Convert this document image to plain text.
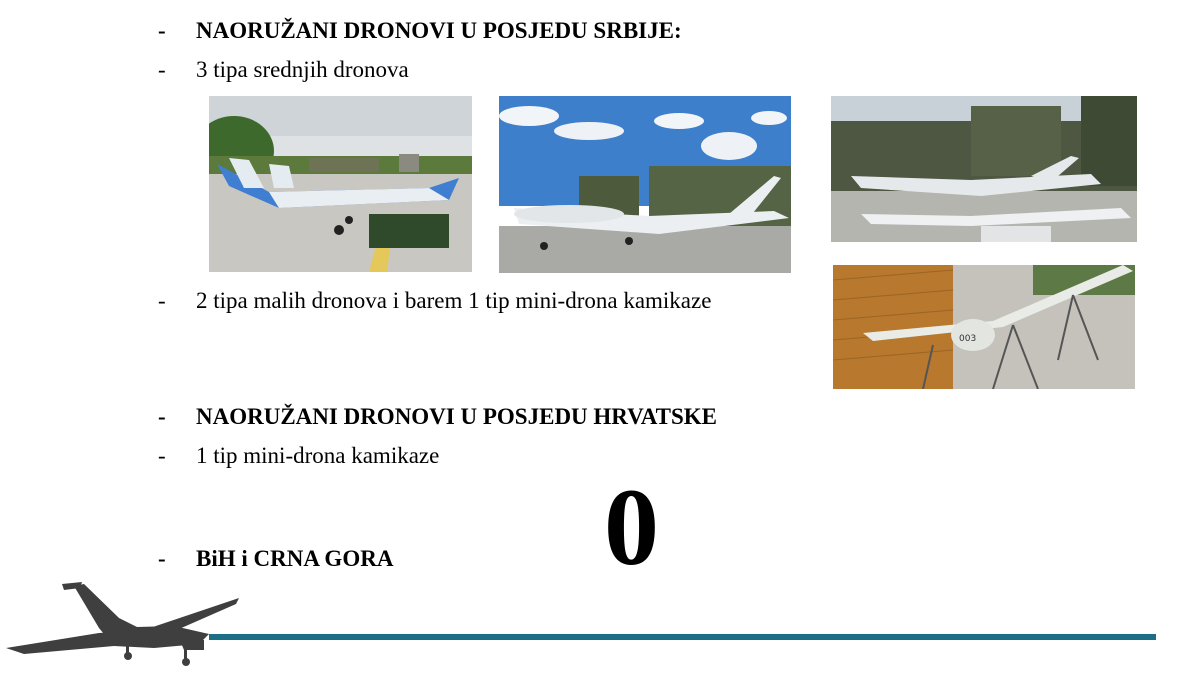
- NAORUŽANI DRONOVI U POSJEDU SRBIJE:
- 3 tipa srednjih dronova
- 2 tipa malih dronova i barem 1 tip mini-drona kamikaze
- NAORUŽANI DRONOVI U POSJEDU HRVATSKE
- 1 tip mini-drona kamikaze
- BiH i CRNA GORA 0
003
